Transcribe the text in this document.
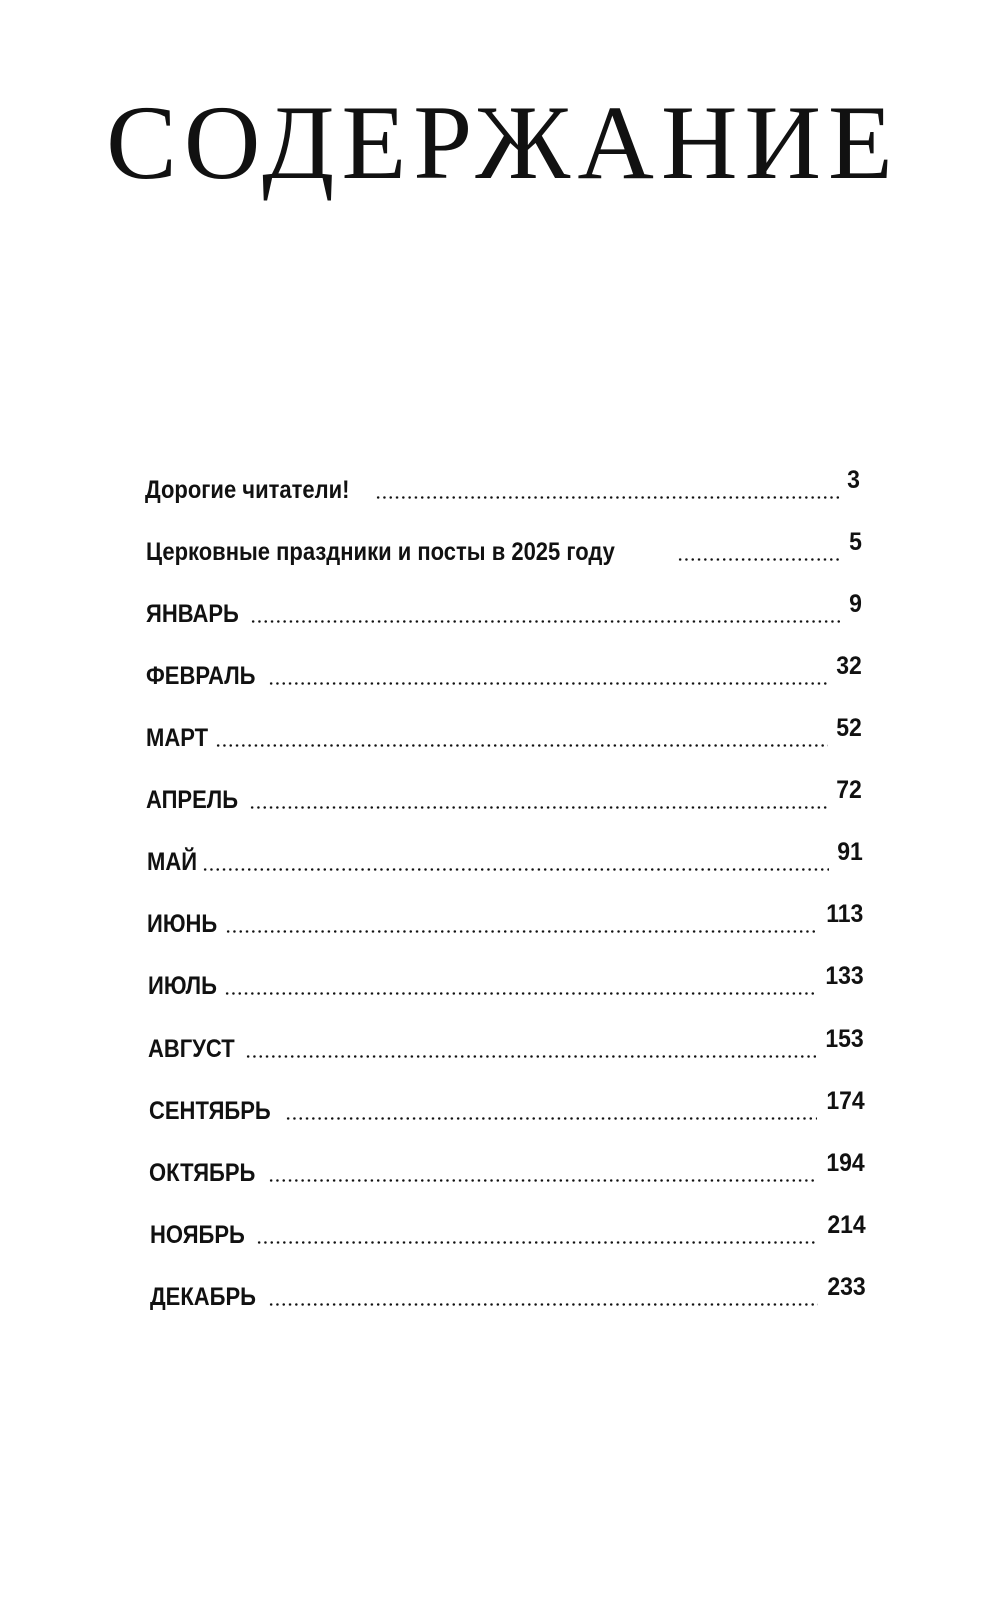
СОДЕРЖАНИЕ
Дорогие читатели!	3
Церковные праздники и посты в 2025 году	5
ЯНВАРЬ	9
ФЕВРАЛЬ	32
МАРТ	52
АПРЕЛЬ	72
МАЙ	91
ИЮНЬ	113
ИЮЛЬ	133
АВГУСТ	153
СЕНТЯБРЬ	174
ОКТЯБРЬ	194
НОЯБРЬ	214
ДЕКАБРЬ	233
